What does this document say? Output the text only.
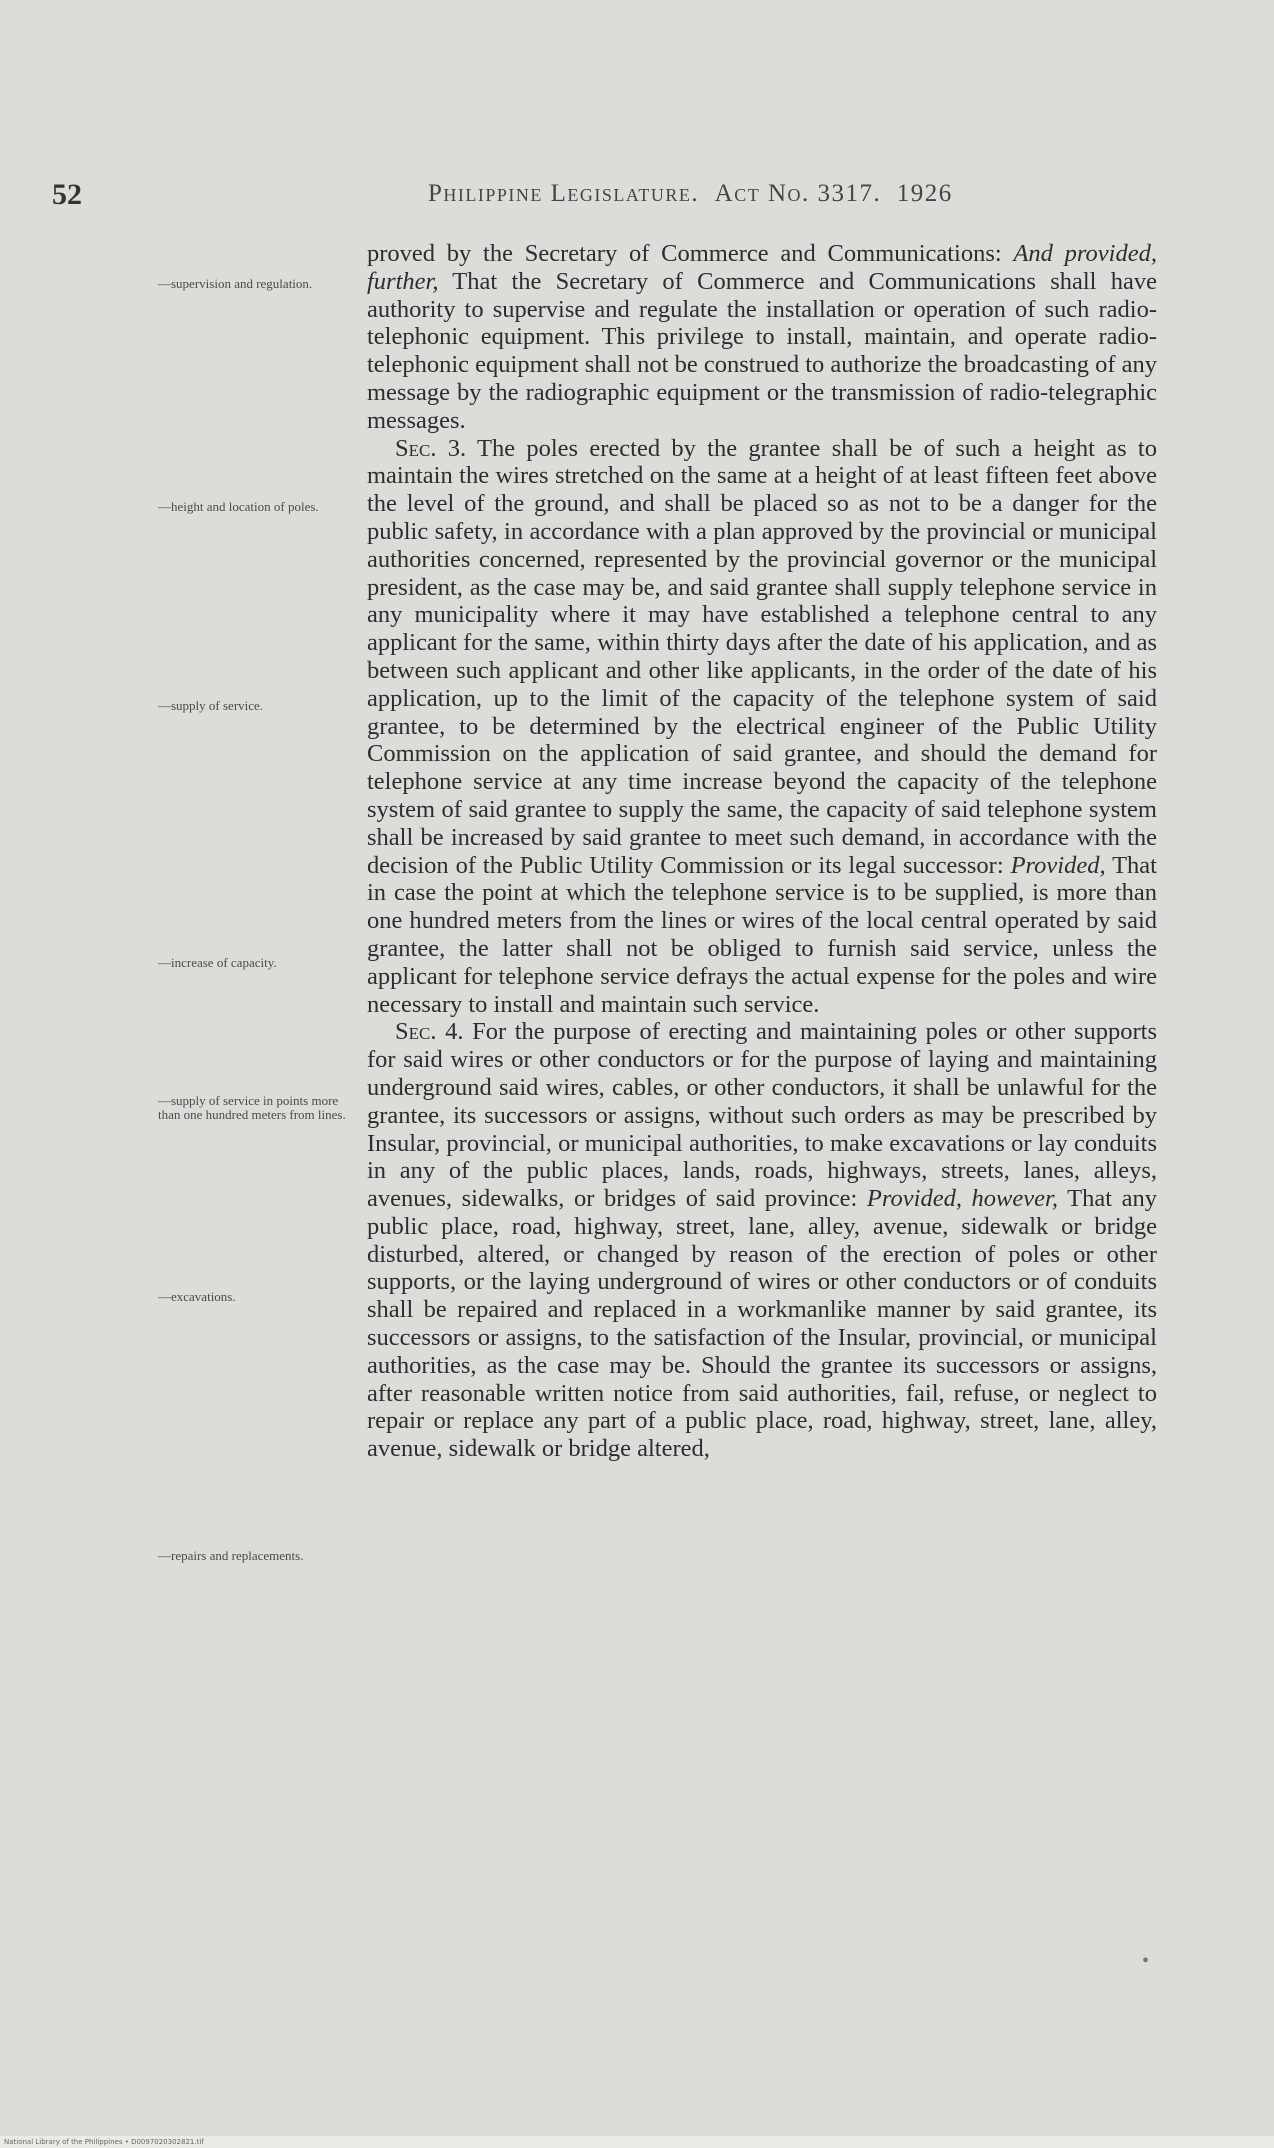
52	Philippine Legislature. Act No. 3317. 1926
—supervision and regulation.
—height and location of poles.
—supply of service.
—increase of capacity.
—supply of service in points more than one hundred meters from lines.
—excavations.
—repairs and replacements.

proved by the Secretary of Commerce and Communications: And provided, further, That the Secretary of Commerce and Communications shall have authority to supervise and regulate the installation or operation of such radio-telephonic equipment. This privilege to install, maintain, and operate radio-telephonic equipment shall not be construed to authorize the broadcasting of any message by the radiographic equipment or the transmission of radio-telegraphic messages.

Sec. 3. The poles erected by the grantee shall be of such a height as to maintain the wires stretched on the same at a height of at least fifteen feet above the level of the ground, and shall be placed so as not to be a danger for the public safety, in accordance with a plan approved by the provincial or municipal authorities concerned, represented by the provincial governor or the municipal president, as the case may be, and said grantee shall supply telephone service in any municipality where it may have established a telephone central to any applicant for the same, within thirty days after the date of his application, and as between such applicant and other like applicants, in the order of the date of his application, up to the limit of the capacity of the telephone system of said grantee, to be determined by the electrical engineer of the Public Utility Commission on the application of said grantee, and should the demand for telephone service at any time increase beyond the capacity of the telephone system of said grantee to supply the same, the capacity of said telephone system shall be increased by said grantee to meet such demand, in accordance with the decision of the Public Utility Commission or its legal successor: Provided, That in case the point at which the telephone service is to be supplied, is more than one hundred meters from the lines or wires of the local central operated by said grantee, the latter shall not be obliged to furnish said service, unless the applicant for telephone service defrays the actual expense for the poles and wire necessary to install and maintain such service.

Sec. 4. For the purpose of erecting and maintaining poles or other supports for said wires or other conductors or for the purpose of laying and maintaining underground said wires, cables, or other conductors, it shall be unlawful for the grantee, its successors or assigns, without such orders as may be prescribed by Insular, provincial, or municipal authorities, to make excavations or lay conduits in any of the public places, lands, roads, highways, streets, lanes, alleys, avenues, sidewalks, or bridges of said province: Provided, however, That any public place, road, highway, street, lane, alley, avenue, sidewalk or bridge disturbed, altered, or changed by reason of the erection of poles or other supports, or the laying underground of wires or other conductors or of conduits shall be repaired and replaced in a workmanlike manner by said grantee, its successors or assigns, to the satisfaction of the Insular, provincial, or municipal authorities, as the case may be. Should the grantee its successors or assigns, after reasonable written notice from said authorities, fail, refuse, or neglect to repair or replace any part of a public place, road, highway, street, lane, alley, avenue, sidewalk or bridge altered,

•
National Library of the Philippines • D0097020302821.tif
